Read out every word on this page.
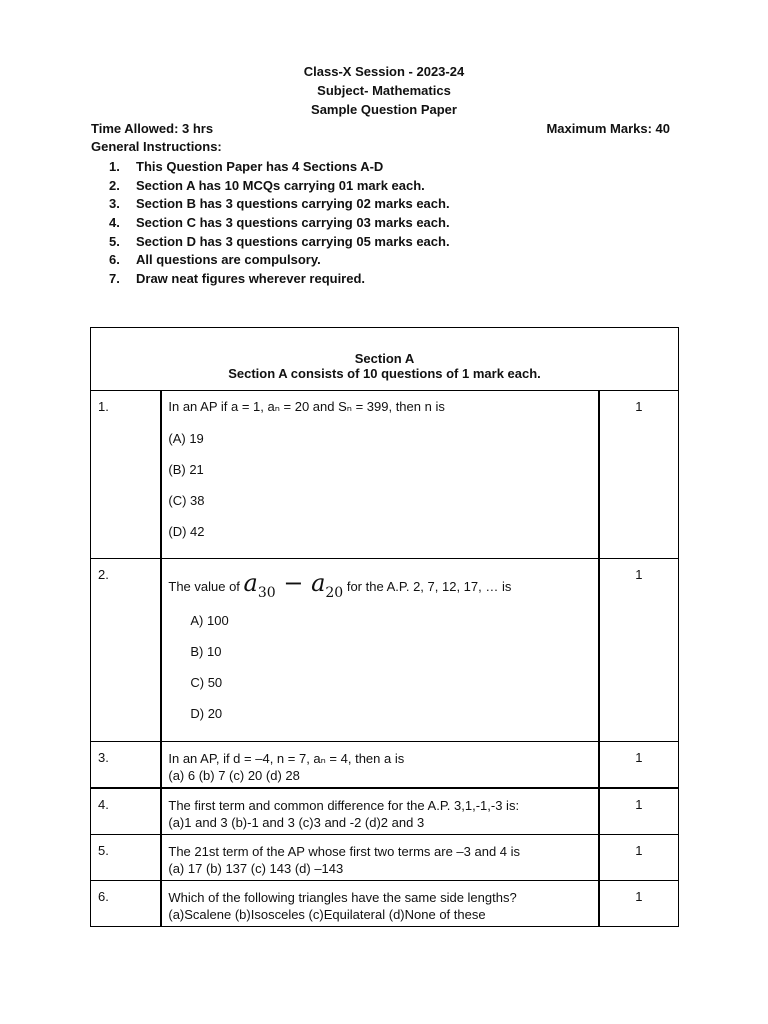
Class-X Session - 2023-24
Subject- Mathematics
Sample Question Paper
Time Allowed: 3 hrs	Maximum Marks: 40
General Instructions:
1.	This Question Paper has 4 Sections A-D
2.	Section A has 10 MCQs carrying 01 mark each.
3.	Section B has 3 questions carrying 02 marks each.
4.	Section C has 3 questions carrying 03 marks each.
5.	Section D has 3 questions carrying 05 marks each.
6.	All questions are compulsory.
7.	Draw neat figures wherever required.
Section A
Section A consists of 10 questions of 1 mark each.		

1.	In an AP if a = 1, aₙ = 20 and Sₙ = 399, then n is
(A) 19
(B) 21
(C) 38
(D) 42	1
2.	The value of $a_{30} - a_{20}$ for the A.P. 2, 7, 12, 17, … is
A) 100
B) 10
C) 50
D) 20	1
3.	In an AP, if d = –4, n = 7, aₙ = 4, then a is
(a) 6 (b) 7 (c) 20 (d) 28	1
4.	The first term and common difference for the A.P. 3,1,-1,-3 is:
(a)1 and 3 (b)-1 and 3 (c)3 and -2 (d)2 and 3	1
5.	The 21st term of the AP whose first two terms are –3 and 4 is
(a) 17 (b) 137 (c) 143 (d) –143	1
6.	Which of the following triangles have the same side lengths?
(a)Scalene (b)Isosceles (c)Equilateral (d)None of these	1
